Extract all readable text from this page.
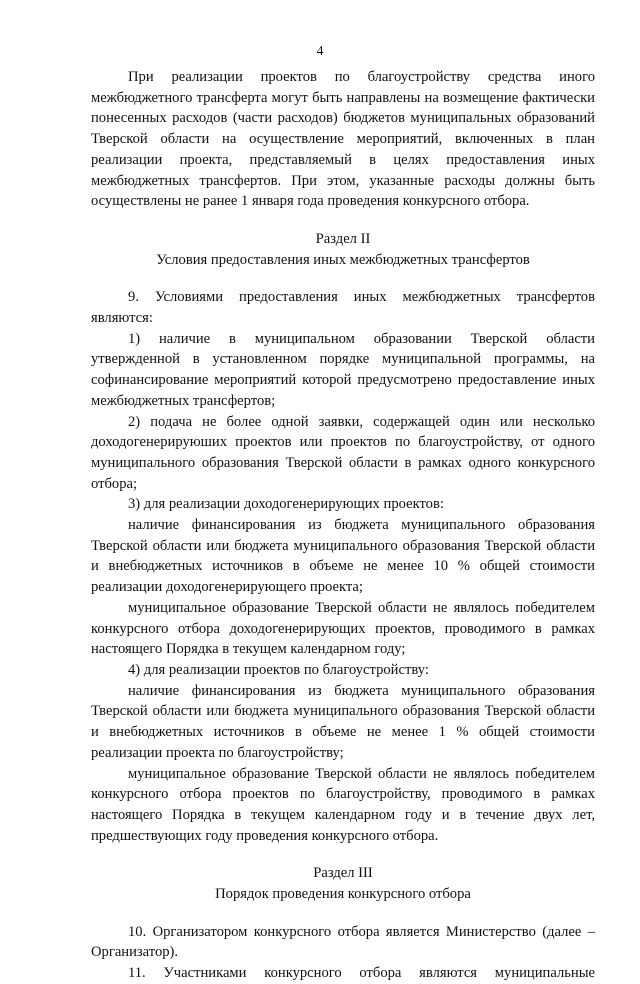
4

При реализации проектов по благоустройству средства иного межбюджетного трансферта могут быть направлены на возмещение фактически понесенных расходов (части расходов) бюджетов муниципальных образований Тверской области на осуществление мероприятий, включенных в план реализации проекта, представляемый в целях предоставления иных межбюджетных трансфертов. При этом, указанные расходы должны быть осуществлены не ранее 1 января года проведения конкурсного отбора.

Раздел II

Условия предоставления иных межбюджетных трансфертов

9. Условиями предоставления иных межбюджетных трансфертов являются:

1) наличие в муниципальном образовании Тверской области утвержденной в установленном порядке муниципальной программы, на софинансирование мероприятий которой предусмотрено предоставление иных межбюджетных трансфертов;

2) подача не более одной заявки, содержащей один или несколько доходогенерируюших проектов или проектов по благоустройству, от одного муниципального образования Тверской области в рамках одного конкурсного отбора;

3) для реализации доходогенерирующих проектов:

наличие финансирования из бюджета муниципального образования Тверской области или бюджета муниципального образования Тверской области и внебюджетных источников в объеме не менее 10 % общей стоимости реализации доходогенерирующего проекта;

муниципальное образование Тверской области не являлось победителем конкурсного отбора доходогенерирующих проектов, проводимого в рамках настоящего Порядка в текущем календарном году;

4) для реализации проектов по благоустройству:

наличие финансирования из бюджета муниципального образования Тверской области или бюджета муниципального образования Тверской области и внебюджетных источников в объеме не менее 1 % общей стоимости реализации проекта по благоустройству;

муниципальное образование Тверской области не являлось победителем конкурсного отбора проектов по благоустройству, проводимого в рамках настоящего Порядка в текущем календарном году и в течение двух лет, предшествующих году проведения конкурсного отбора.

Раздел III

Порядок проведения конкурсного отбора

10. Организатором конкурсного отбора является Министерство (далее – Организатор).

11. Участниками конкурсного отбора являются муниципальные
